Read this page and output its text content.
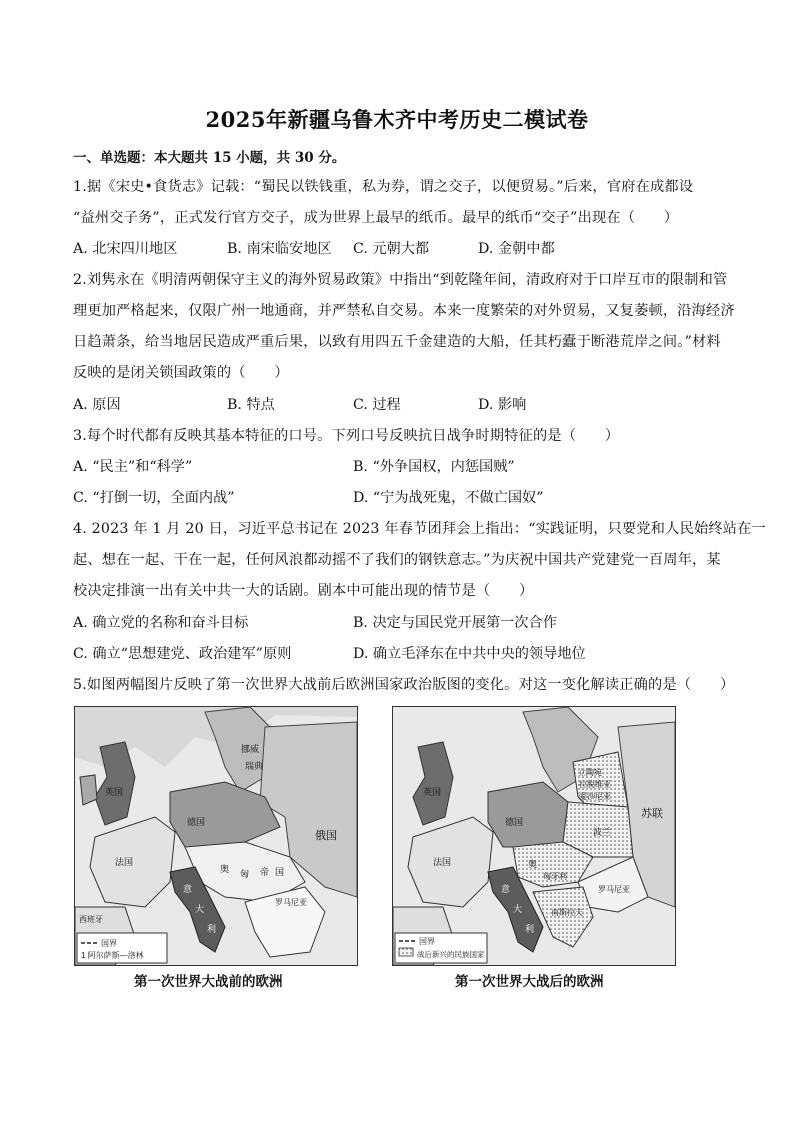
2025年新疆乌鲁木齐中考历史二模试卷
一、单选题：本大题共 15 小题，共 30 分。
1.据《宋史•食货志》记载：“蜀民以铁钱重，私为券，谓之交子，以便贸易。”后来，官府在成都设
“益州交子务”，正式发行官方交子，成为世界上最早的纸币。最早的纸币“交子”出现在（　　）
A. 北宋四川地区	B. 南宋临安地区 C. 元朝大都	D. 金朝中都
2.刘隽永在《明清两朝保守主义的海外贸易政策》中指出“到乾隆年间，清政府对于口岸互市的限制和管
理更加严格起来，仅限广州一地通商，并严禁私自交易。本来一度繁荣的对外贸易，又复萎顿，沿海经济
日趋萧条，给当地居民造成严重后果，以致有用四五千金建造的大船，任其朽蠹于断港荒岸之间。”材料
反映的是闭关锁国政策的（　　）
A. 原因	B. 特点	C. 过程	D. 影响
3.每个时代都有反映其基本特征的口号。下列口号反映抗日战争时期特征的是（　　）
A. “民主”和“科学”	B. “外争国权，内惩国贼”
C. “打倒一切，全面内战”	D. “宁为战死鬼，不做亡国奴”
4. 2023 年 1 月 20 日，习近平总书记在 2023 年春节团拜会上指出：“实践证明，只要党和人民始终站在一
起、想在一起、干在一起，任何风浪都动摇不了我们的钢铁意志。”为庆祝中国共产党建党一百周年，某
校决定排演一出有关中共一大的话剧。剧本中可能出现的情节是（　　）
A. 确立党的名称和奋斗目标	B. 决定与国民党开展第一次合作
C. 确立“思想建党、政治建军”原则	D. 确立毛泽东在中共中央的领导地位
5.如图两幅图片反映了第一次世界大战前后欧洲国家政治版图的变化。对这一变化解读正确的是（　　）
挪威
瑞典
英国
德国
俄国
法国
奥 匈 帝 国
意
大
利
罗马尼亚
西班牙
国界
1 阿尔萨斯—洛林
第一次世界大战前的欧洲
英国
立陶宛
拉脱维亚
爱沙尼亚
苏联
德国
波兰
法国	奥
匈牙利
罗马尼亚
意
大
利
南斯拉夫
国界
战后新兴的民族国家
第一次世界大战后的欧洲
